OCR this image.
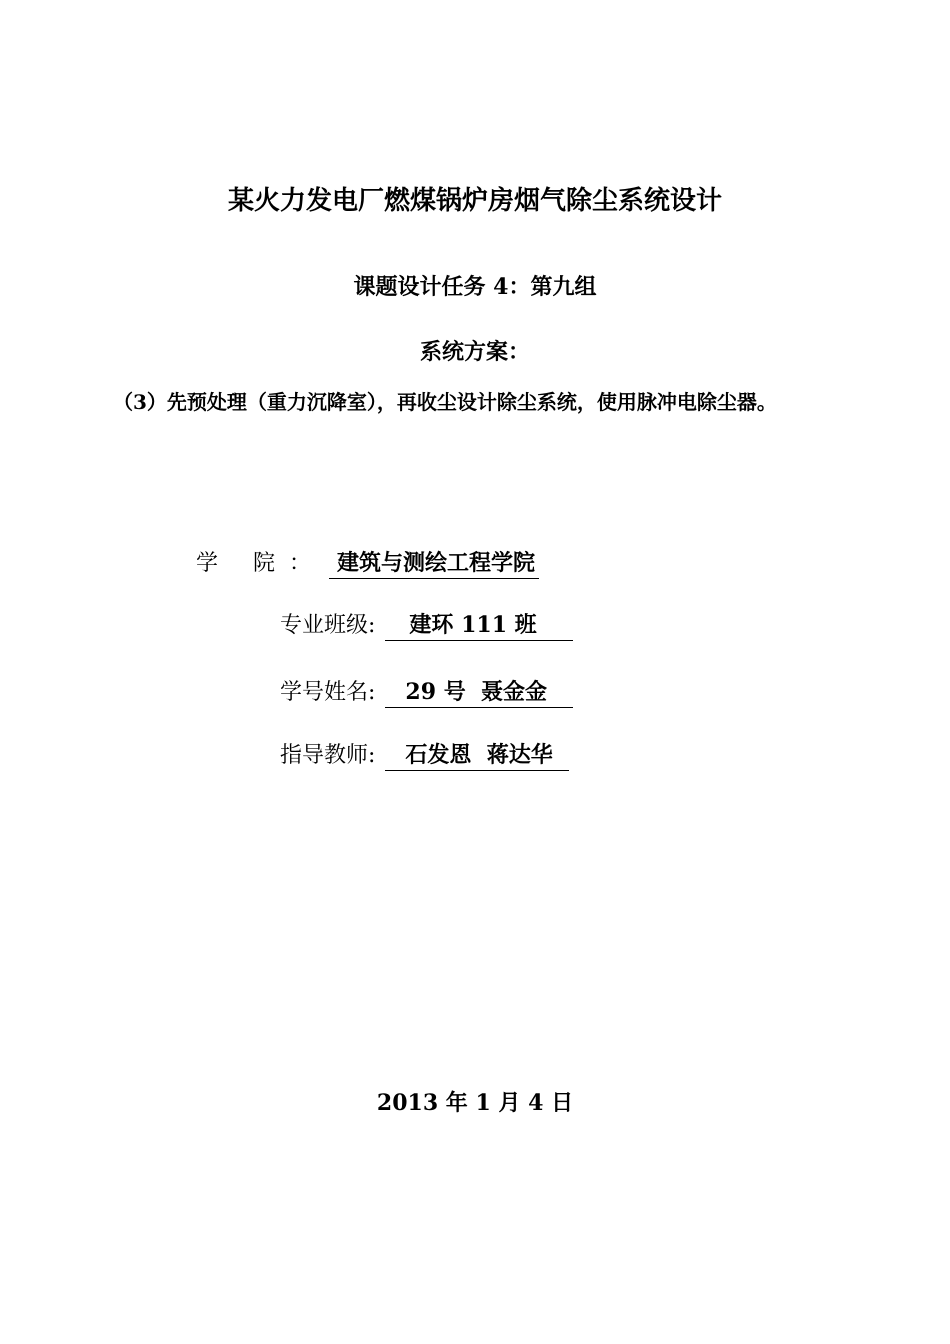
某火力发电厂燃煤锅炉房烟气除尘系统设计
课题设计任务 4：第九组
系统方案：
（3）先预处理（重力沉降室），再收尘设计除尘系统，使用脉冲电除尘器。
学 院： 建筑与测绘工程学院
专业班级: 建环 111 班
学号姓名: 29 号  聂金金
指导教师: 石发恩  蒋达华
2013 年 1 月 4 日
